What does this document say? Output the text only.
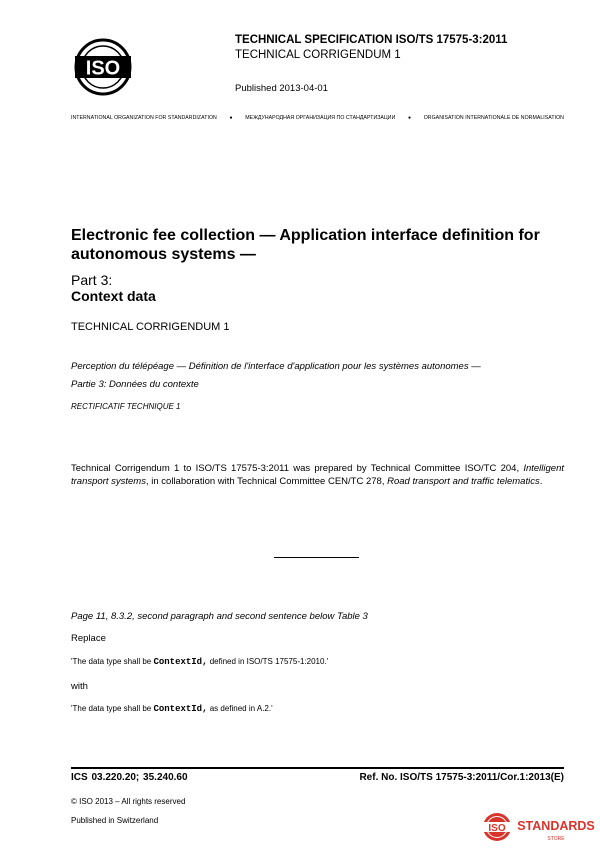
ISO
TECHNICAL SPECIFICATION ISO/TS 17575-3:2011
TECHNICAL CORRIGENDUM 1
Published 2013-04-01
INTERNATIONAL ORGANIZATION FOR STANDARDIZATION	● МЕЖДУНАРОДНАЯ ОРГАНИЗАЦИЯ ПО СТАНДАРТИЗАЦИИ	● ORGANISATION INTERNATIONALE DE NORMALISATION
Electronic fee collection — Application interface definition for autonomous systems —
Part 3:
Context data
TECHNICAL CORRIGENDUM 1
Perception du télépéage — Définition de l'interface d'application pour les systèmes autonomes —
Partie 3: Données du contexte
RECTIFICATIF TECHNIQUE 1
Technical Corrigendum 1 to ISO/TS 17575-3:2011 was prepared by Technical Committee ISO/TC 204, Intelligent transport systems, in collaboration with Technical Committee CEN/TC 278, Road transport and traffic telematics.
Page 11, 8.3.2, second paragraph and second sentence below Table 3
Replace
'The data type shall be ContextId, defined in ISO/TS 17575-1:2010.'
with
'The data type shall be ContextId, as defined in A.2.'
ICS 03.220.20; 35.240.60	Ref. No. ISO/TS 17575-3:2011/Cor.1:2013(E)
© ISO 2013 – All rights reserved
Published in Switzerland
ISO STANDARDS
STORE
